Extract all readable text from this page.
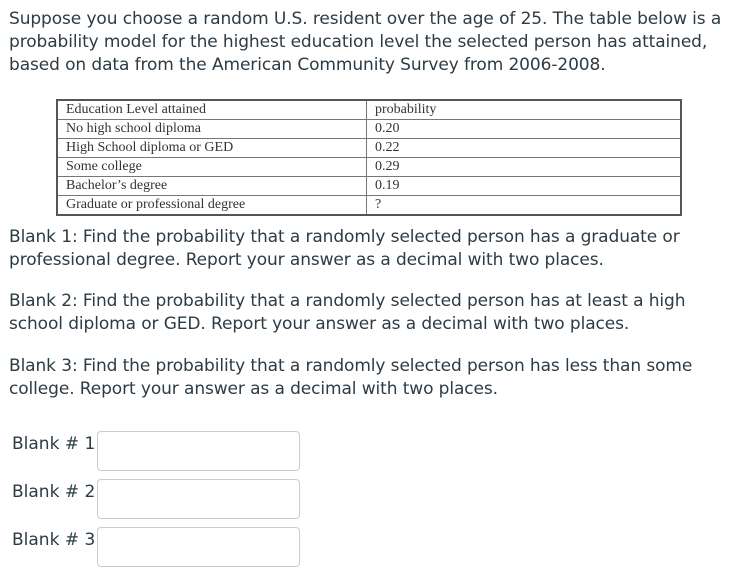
Suppose you choose a random U.S. resident over the age of 25. The table below is a probability model for the highest education level the selected person has attained, based on data from the American Community Survey from 2006-2008.

Education Level attained	probability
No high school diploma	0.20
High School diploma or GED	0.22
Some college	0.29
Bachelor’s degree	0.19
Graduate or professional degree	?

Blank 1: Find the probability that a randomly selected person has a graduate or professional degree. Report your answer as a decimal with two places.

Blank 2: Find the probability that a randomly selected person has at least a high school diploma or GED. Report your answer as a decimal with two places.

Blank 3: Find the probability that a randomly selected person has less than some college. Report your answer as a decimal with two places.

Blank # 1
Blank # 2
Blank # 3
